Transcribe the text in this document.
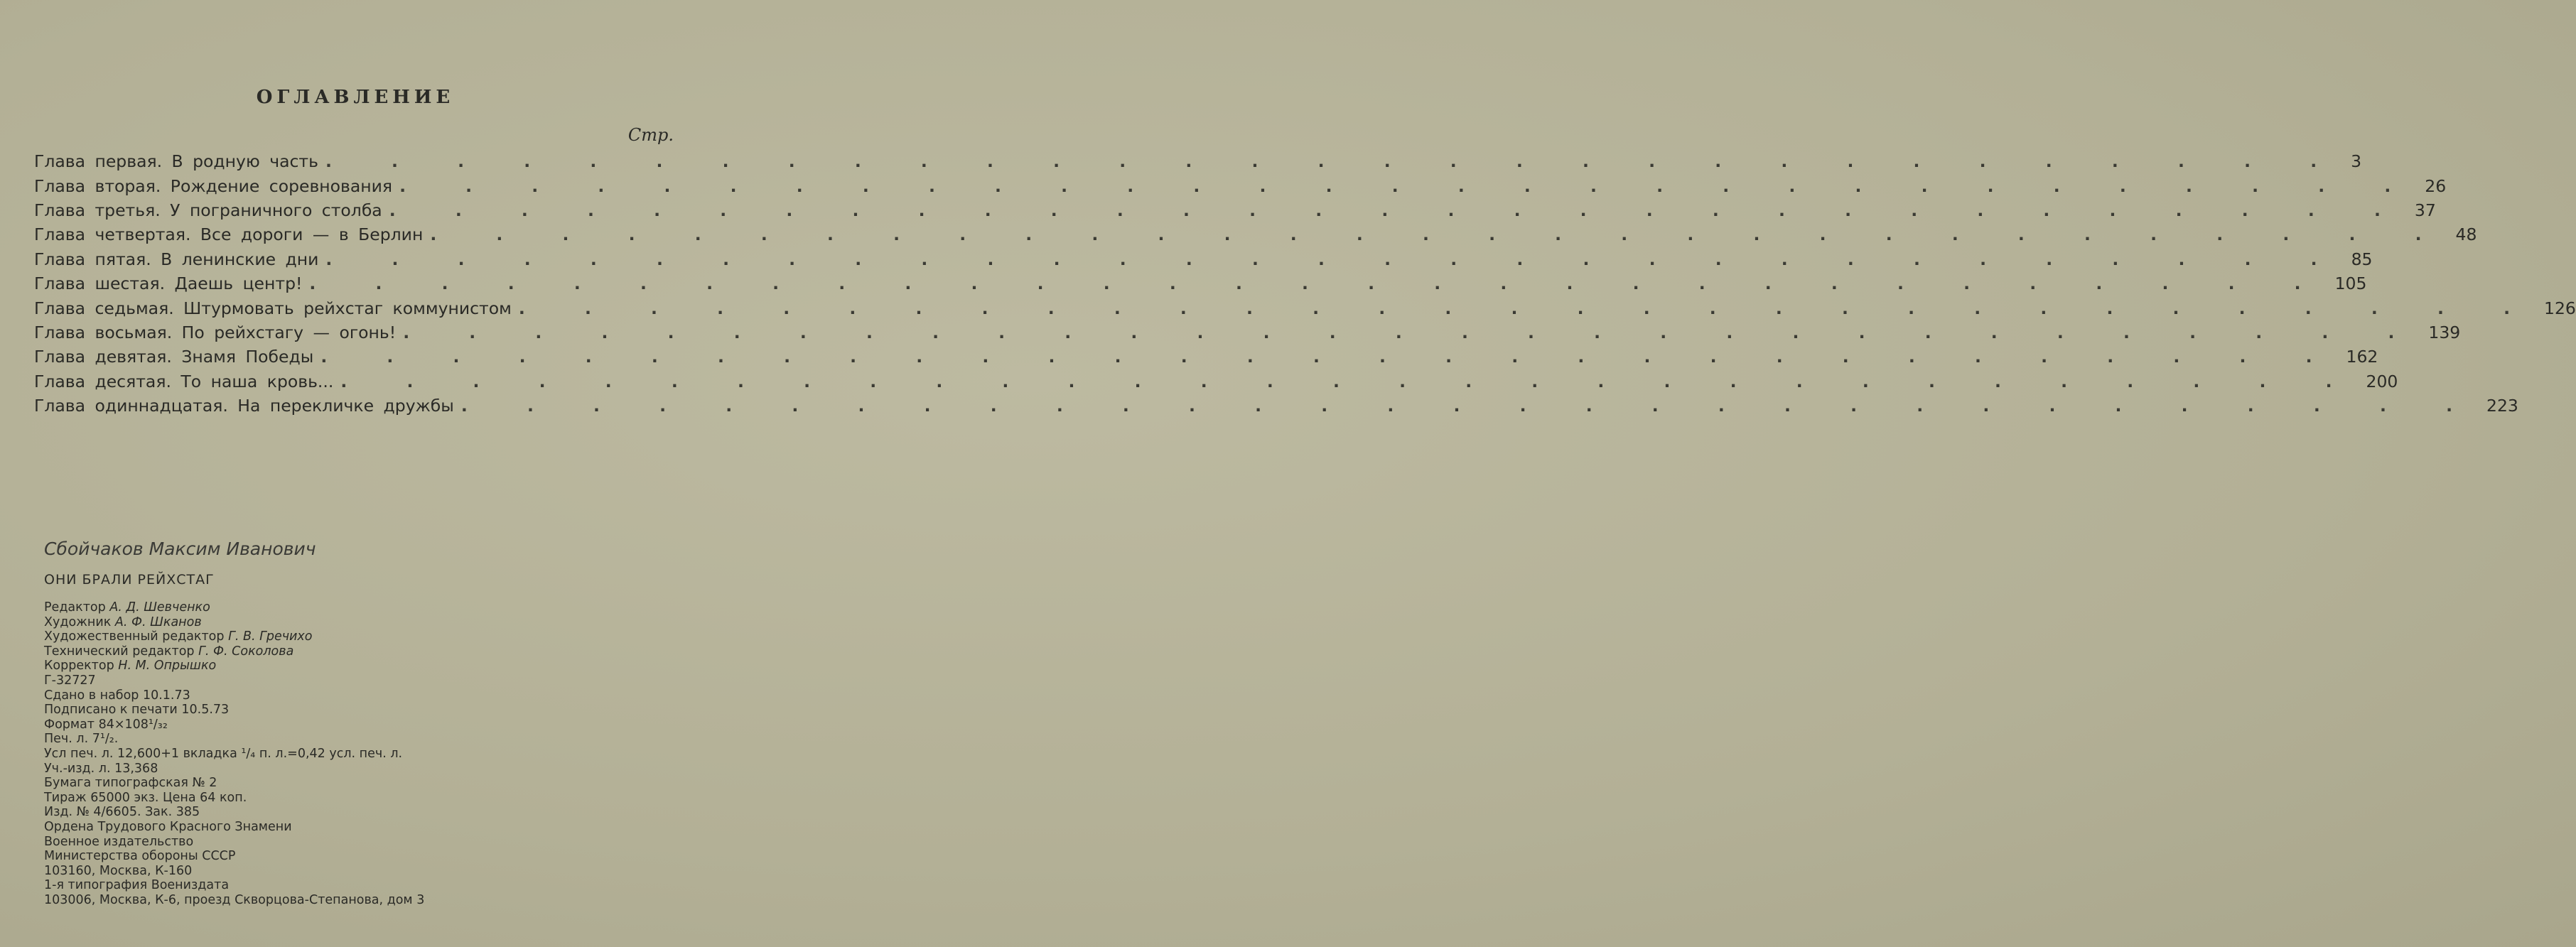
ОГЛАВЛЕНИЕ
Стр.
Глава первая. В родную часть . . . . . . . . . . . . . . . . . . . . . . . . . . . . . . . 3
Глава вторая. Рождение соревнования . . . . . . . . . . . . . . . . . . . . . . . . . . . . . . . 26
Глава третья. У пограничного столба . . . . . . . . . . . . . . . . . . . . . . . . . . . . . . . 37
Глава четвертая. Все дороги — в Берлин . . . . . . . . . . . . . . . . . . . . . . . . . . . . . . . 48
Глава пятая. В ленинские дни . . . . . . . . . . . . . . . . . . . . . . . . . . . . . . . 85
Глава шестая. Даешь центр! . . . . . . . . . . . . . . . . . . . . . . . . . . . . . . . 105
Глава седьмая. Штурмовать рейхстаг коммунистом . . . . . . . . . . . . . . . . . . . . . . . . . . . . . . . 126
Глава восьмая. По рейхстагу — огонь! . . . . . . . . . . . . . . . . . . . . . . . . . . . . . . . 139
Глава девятая. Знамя Победы . . . . . . . . . . . . . . . . . . . . . . . . . . . . . . . 162
Глава десятая. То наша кровь... . . . . . . . . . . . . . . . . . . . . . . . . . . . . . . . 200
Глава одиннадцатая. На перекличке дружбы . . . . . . . . . . . . . . . . . . . . . . . . . . . . . . . 223
Сбойчаков Максим Иванович
ОНИ БРАЛИ РЕЙХСТАГ
Редактор А. Д. Шевченко
Художник А. Ф. Шканов
Художественный редактор Г. В. Гречихо
Технический редактор Г. Ф. Соколова
Корректор Н. М. Опрышко
Г-32727
Сдано в набор 10.1.73
Подписано к печати 10.5.73
Формат 84×108¹/₃₂
Печ. л. 7¹/₂.
Усл печ. л. 12,600+1 вкладка ¹/₄ п. л.=0,42 усл. печ. л.
Уч.-изд. л. 13,368
Бумага типографская № 2
Тираж 65000 экз. Цена 64 коп.
Изд. № 4/6605. Зак. 385
Ордена Трудового Красного Знамени
Военное издательство
Министерства обороны СССР
103160, Москва, К-160
1-я типография Воениздата
103006, Москва, К-6, проезд Скворцова-Степанова, дом 3
